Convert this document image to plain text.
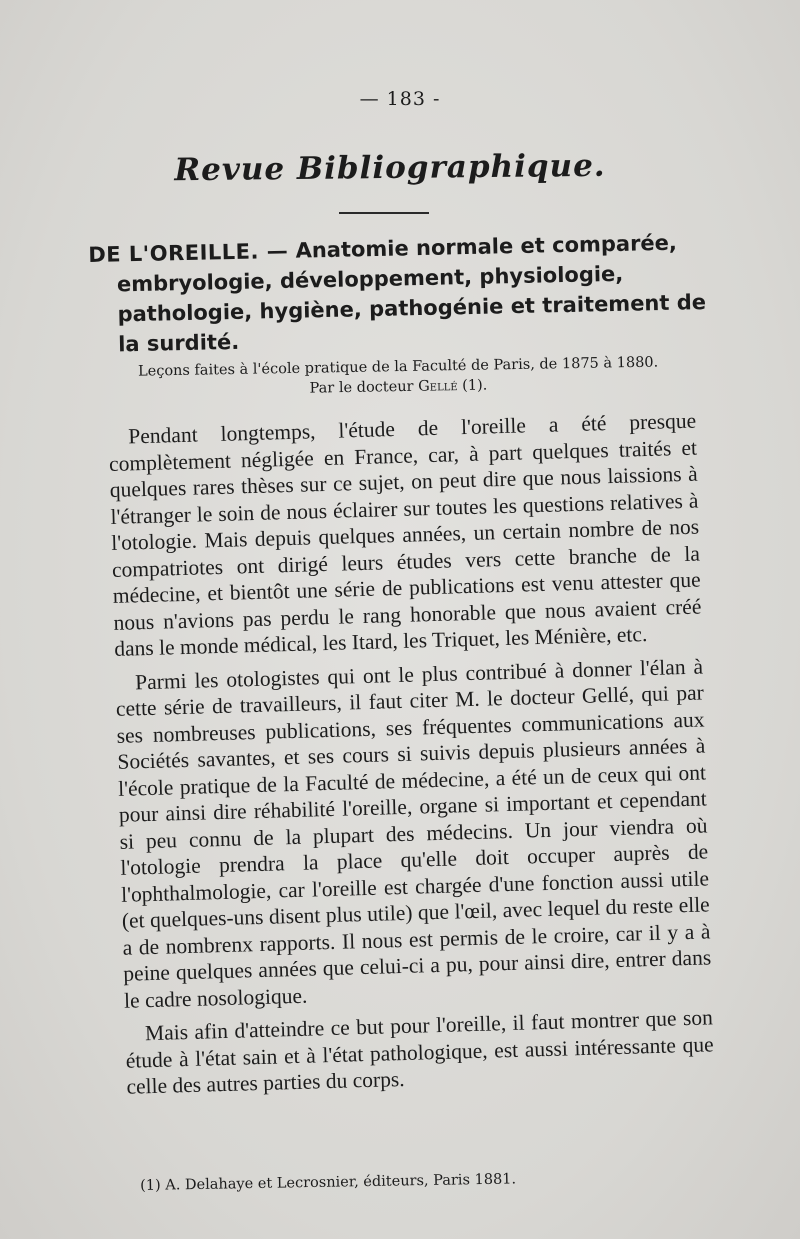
— 183 -
Revue Bibliographique.
DE L'OREILLE. — Anatomie normale et comparée, embryologie, développement, physiologie, pathologie, hygiène, pathogénie et traitement de la surdité.
Leçons faites à l'école pratique de la Faculté de Paris, de 1875 à 1880.
Par le docteur Gellé (1).

Pendant longtemps, l'étude de l'oreille a été presque complètement négligée en France, car, à part quelques traités et quelques rares thèses sur ce sujet, on peut dire que nous laissions à l'étranger le soin de nous éclairer sur toutes les questions relatives à l'otologie. Mais depuis quelques années, un certain nombre de nos compatriotes ont dirigé leurs études vers cette branche de la médecine, et bientôt une série de publications est venu attester que nous n'avions pas perdu le rang honorable que nous avaient créé dans le monde médical, les Itard, les Triquet, les Ménière, etc.

Parmi les otologistes qui ont le plus contribué à donner l'élan à cette série de travailleurs, il faut citer M. le docteur Gellé, qui par ses nombreuses publications, ses fréquentes communications aux Sociétés savantes, et ses cours si suivis depuis plusieurs années à l'école pratique de la Faculté de médecine, a été un de ceux qui ont pour ainsi dire réhabilité l'oreille, organe si important et cependant si peu connu de la plupart des médecins. Un jour viendra où l'otologie prendra la place qu'elle doit occuper auprès de l'ophthalmologie, car l'oreille est chargée d'une fonction aussi utile (et quelques-uns disent plus utile) que l'œil, avec lequel du reste elle a de nombrenx rapports. Il nous est permis de le croire, car il y a à peine quelques années que celui-ci a pu, pour ainsi dire, entrer dans le cadre nosologique.

Mais afin d'atteindre ce but pour l'oreille, il faut montrer que son étude à l'état sain et à l'état pathologique, est aussi intéressante que celle des autres parties du corps.

(1) A. Delahaye et Lecrosnier, éditeurs, Paris 1881.
